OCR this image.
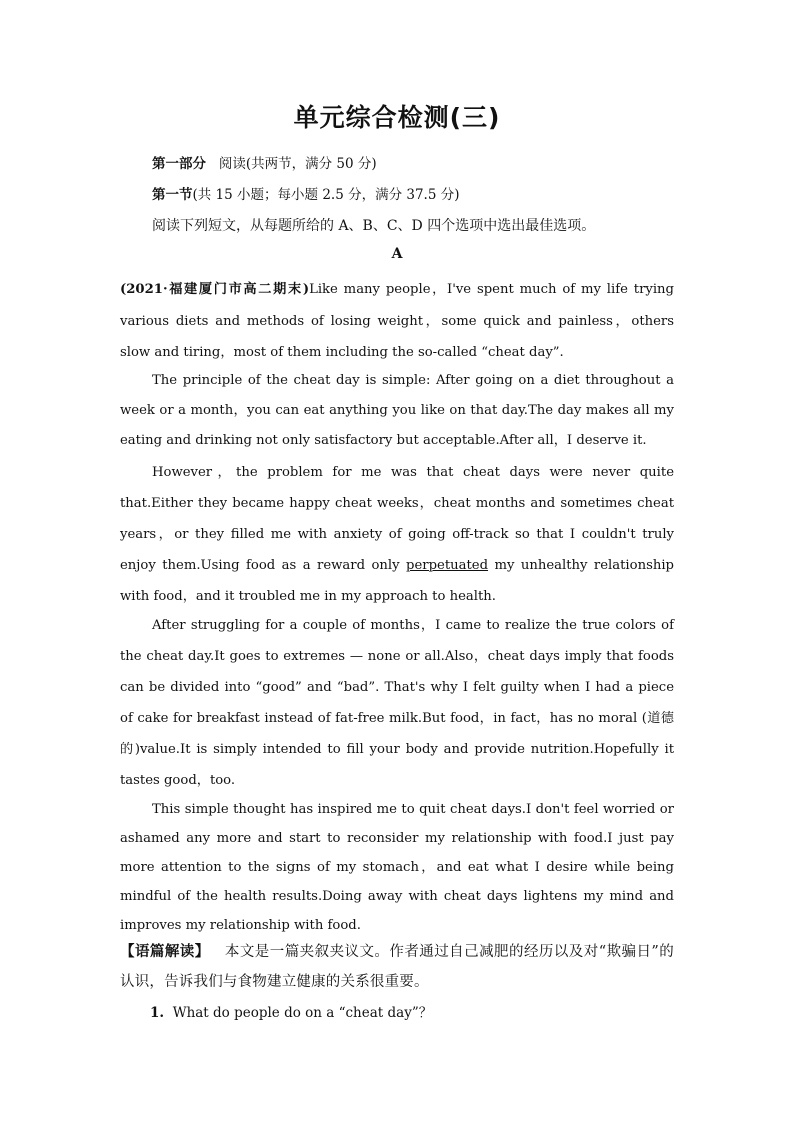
单元综合检测(三)
第一部分 阅读(共两节，满分 50 分)
第一节(共 15 小题；每小题 2.5 分，满分 37.5 分)
阅读下列短文，从每题所给的 A、B、C、D 四个选项中选出最佳选项。
A
(2021·福建厦门市高二期末)Like many people，I've spent much of my life trying various diets and methods of losing weight，some quick and painless，others slow and tiring，most of them including the so-called “cheat day”.
The principle of the cheat day is simple: After going on a diet throughout a week or a month，you can eat anything you like on that day.The day makes all my eating and drinking not only satisfactory but acceptable.After all，I deserve it.
However，the problem for me was that cheat days were never quite that.Either they became happy cheat weeks，cheat months and sometimes cheat years，or they filled me with anxiety of going off-track so that I couldn't truly enjoy them.Using food as a reward only perpetuated my unhealthy relationship with food，and it troubled me in my approach to health.
After struggling for a couple of months，I came to realize the true colors of the cheat day.It goes to extremes — none or all.Also，cheat days imply that foods can be divided into “good” and “bad”. That's why I felt guilty when I had a piece of cake for breakfast instead of fat-free milk.But food，in fact，has no moral (道德的)value.It is simply intended to fill your body and provide nutrition.Hopefully it tastes good，too.
This simple thought has inspired me to quit cheat days.I don't feel worried or ashamed any more and start to reconsider my relationship with food.I just pay more attention to the signs of my stomach，and eat what I desire while being mindful of the health results.Doing away with cheat days lightens my mind and improves my relationship with food.
【语篇解读】 本文是一篇夹叙夹议文。作者通过自己减肥的经历以及对“欺骗日”的认识，告诉我们与食物建立健康的关系很重要。
1. What do people do on a “cheat day”？
